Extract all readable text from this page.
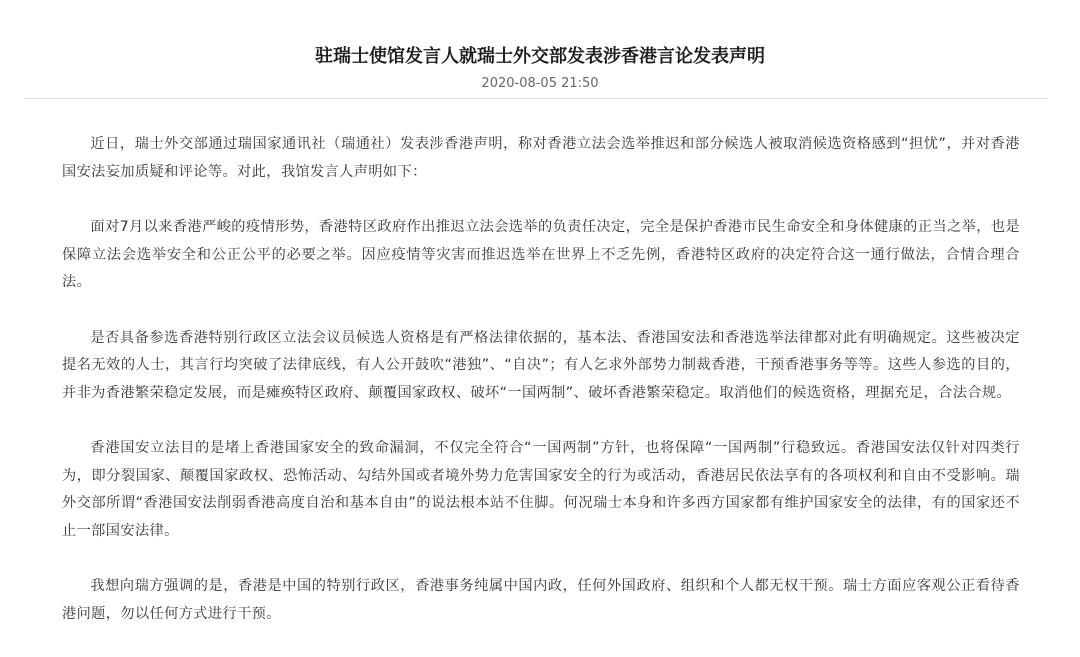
驻瑞士使馆发言人就瑞士外交部发表涉香港言论发表声明
2020-08-05 21:50

近日，瑞士外交部通过瑞国家通讯社（瑞通社）发表涉香港声明，称对香港立法会选举推迟和部分候选人被取消候选资格感到“担忧”，并对香港国安法妄加质疑和评论等。对此，我馆发言人声明如下：

面对7月以来香港严峻的疫情形势，香港特区政府作出推迟立法会选举的负责任决定，完全是保护香港市民生命安全和身体健康的正当之举，也是保障立法会选举安全和公正公平的必要之举。因应疫情等灾害而推迟选举在世界上不乏先例，香港特区政府的决定符合这一通行做法，合情合理合法。

是否具备参选香港特别行政区立法会议员候选人资格是有严格法律依据的，基本法、香港国安法和香港选举法律都对此有明确规定。这些被决定提名无效的人士，其言行均突破了法律底线，有人公开鼓吹“港独”、“自决”；有人乞求外部势力制裁香港，干预香港事务等等。这些人参选的目的，并非为香港繁荣稳定发展，而是瘫痪特区政府、颠覆国家政权、破坏“一国两制”、破坏香港繁荣稳定。取消他们的候选资格，理据充足，合法合规。

香港国安立法目的是堵上香港国家安全的致命漏洞，不仅完全符合“一国两制”方针，也将保障“一国两制”行稳致远。香港国安法仅针对四类行为，即分裂国家、颠覆国家政权、恐怖活动、勾结外国或者境外势力危害国家安全的行为或活动，香港居民依法享有的各项权利和自由不受影响。瑞外交部所谓“香港国安法削弱香港高度自治和基本自由”的说法根本站不住脚。何况瑞士本身和许多西方国家都有维护国家安全的法律，有的国家还不止一部国安法律。

我想向瑞方强调的是，香港是中国的特别行政区，香港事务纯属中国内政，任何外国政府、组织和个人都无权干预。瑞士方面应客观公正看待香港问题，勿以任何方式进行干预。
